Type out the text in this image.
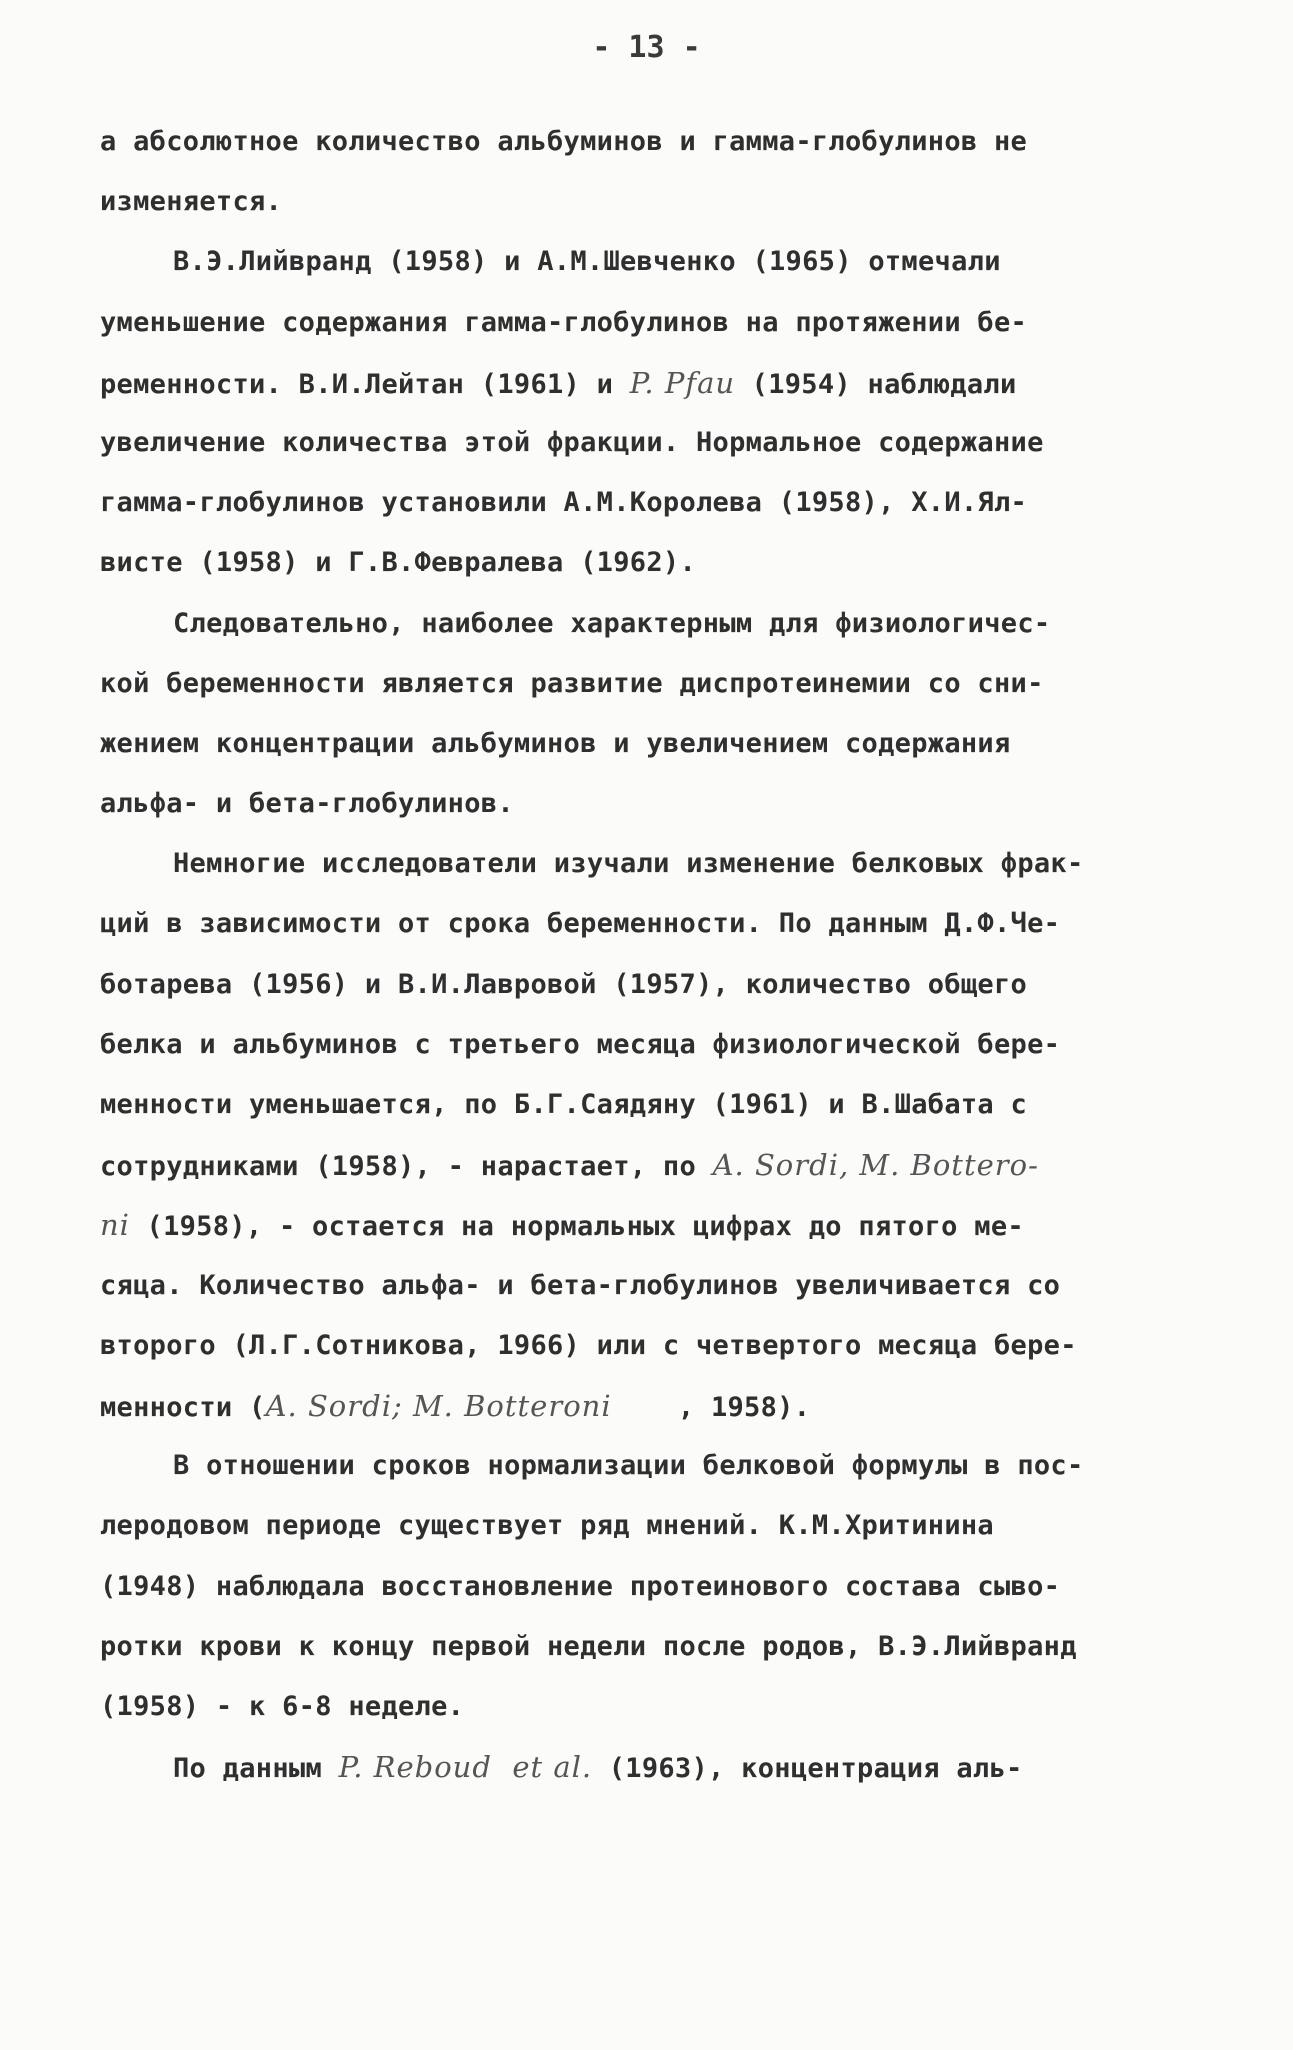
- 13 -
а абсолютное количество альбуминов и гамма-глобулинов не
изменяется.
В.Э.Лийвранд (1958) и А.М.Шевченко (1965) отмечали
уменьшение содержания гамма-глобулинов на протяжении бе-
ременности. В.И.Лейтан (1961) и P. Pfau (1954) наблюдали
увеличение количества этой фракции. Нормальное содержание
гамма-глобулинов установили А.М.Королева (1958), Х.И.Ял-
висте (1958) и Г.В.Февралева (1962).
Следовательно, наиболее характерным для физиологичес-
кой беременности является развитие диспротеинемии со сни-
жением концентрации альбуминов и увеличением содержания
альфа- и бета-глобулинов.
Немногие исследователи изучали изменение белковых фрак-
ций в зависимости от срока беременности. По данным Д.Ф.Че-
ботарева (1956) и В.И.Лавровой (1957), количество общего
белка и альбуминов с третьего месяца физиологической бере-
менности уменьшается, по Б.Г.Саядяну (1961) и В.Шабата с
сотрудниками (1958), - нарастает, по A. Sordi, M. Bottero-
ni (1958), - остается на нормальных цифрах до пятого ме-
сяца. Количество альфа- и бета-глобулинов увеличивается со
второго (Л.Г.Сотникова, 1966) или с четвертого месяца бере-
менности (A. Sordi; M. Botteroni    , 1958).
В отношении сроков нормализации белковой формулы в пос-
леродовом периоде существует ряд мнений. К.М.Хритинина
(1948) наблюдала восстановление протеинового состава сыво-
ротки крови к концу первой недели после родов, В.Э.Лийвранд
(1958) - к 6-8 неделе.
По данным P. Reboud  et al. (1963), концентрация аль-
